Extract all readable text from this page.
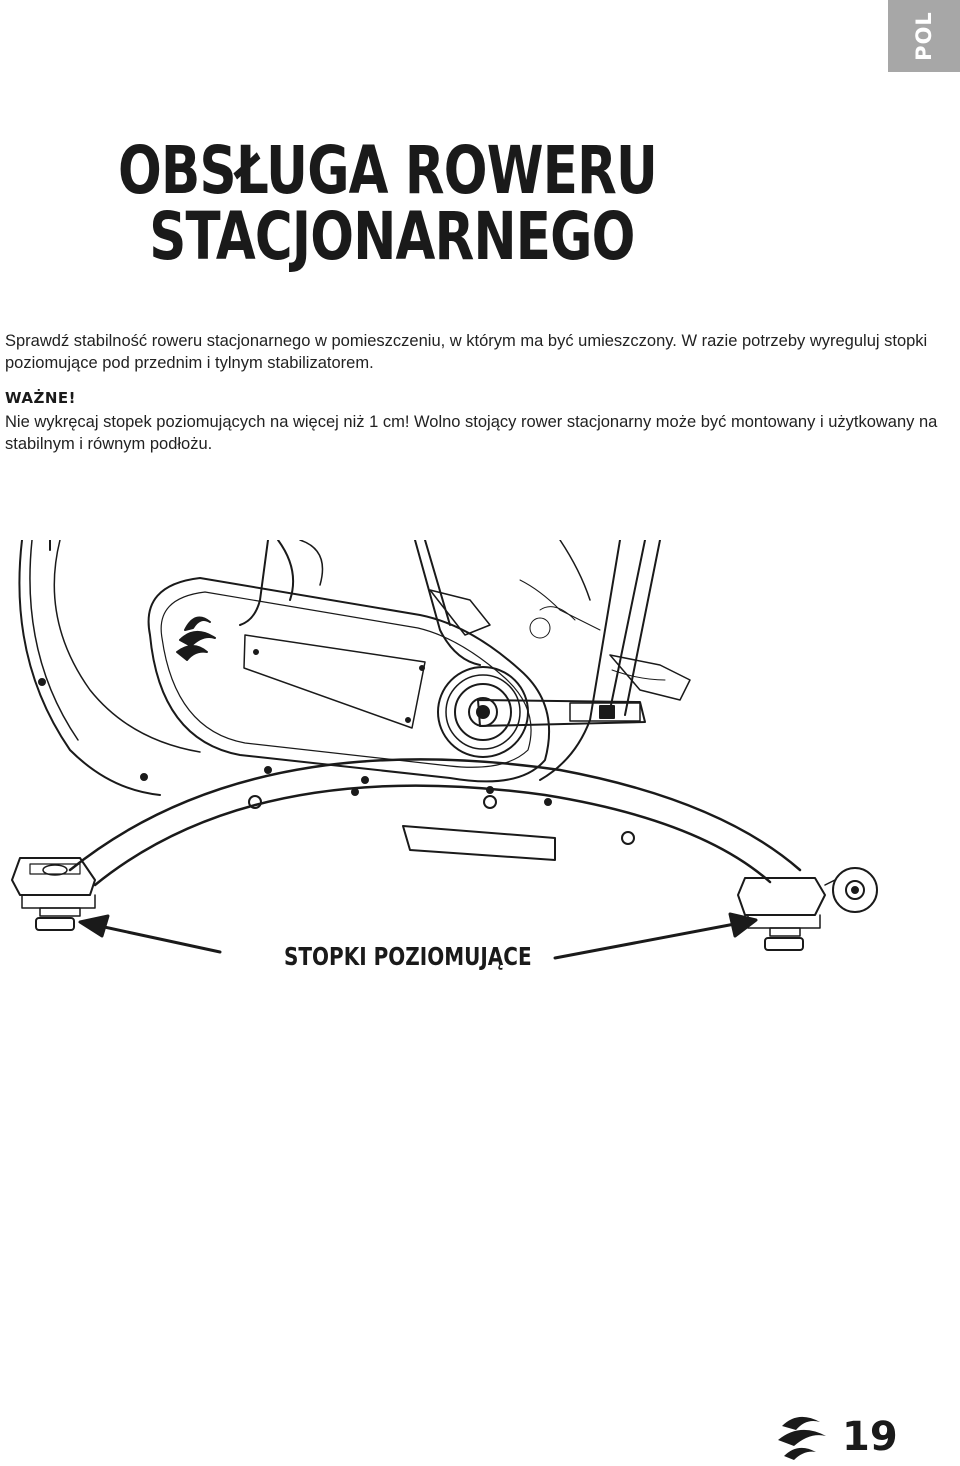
POL
OBSŁUGA ROWERU
STACJONARNEGO

Sprawdź stabilność roweru stacjonarnego w pomieszczeniu, w którym ma być umieszczony. W razie potrzeby wyreguluj stopki poziomujące pod przednim i tylnym stabilizatorem.

WAŻNE!

Nie wykręcaj stopek poziomujących na więcej niż 1 cm! Wolno stojący rower stacjonarny może być montowany i użytkowany na stabilnym i równym podłożu.

STOPKI POZIOMUJĄCE

19
